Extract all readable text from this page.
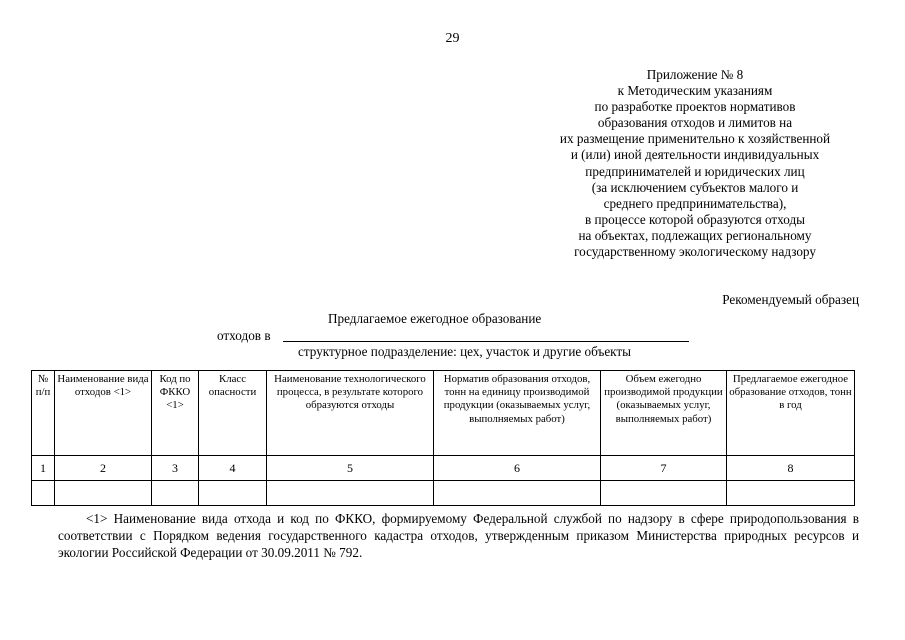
29
Приложение № 8
к Методическим указаниям
по разработке проектов нормативов
образования отходов и лимитов на
их размещение применительно к хозяйственной
и (или) иной деятельности индивидуальных
предпринимателей и юридических лиц
(за исключением субъектов малого и
среднего предпринимательства),
в процессе которой образуются отходы
на объектах, подлежащих региональному
государственному экологическому надзору
Рекомендуемый образец
Предлагаемое ежегодное образование
отходов в
структурное подразделение: цех, участок и другие объекты
№ п/п	Наименование вида отходов <1>	Код по ФККО <1>	Класс опасности	Наименование технологического процесса, в результате которого образуются отходы	Норматив образования отходов, тонн на единицу производимой продукции (оказываемых услуг, выполняемых работ)	Объем ежегодно производимой продукции (оказываемых услуг, выполняемых работ)	Предлагаемое ежегодное образование отходов, тонн в год
1	2	3	4	5	6	7	8

<1> Наименование вида отхода и код по ФККО, формируемому Федеральной службой по надзору в сфере природопользования в соответствии с Порядком ведения государственного кадастра отходов, утвержденным приказом Министерства природных ресурсов и экологии Российской Федерации от 30.09.2011 № 792.
